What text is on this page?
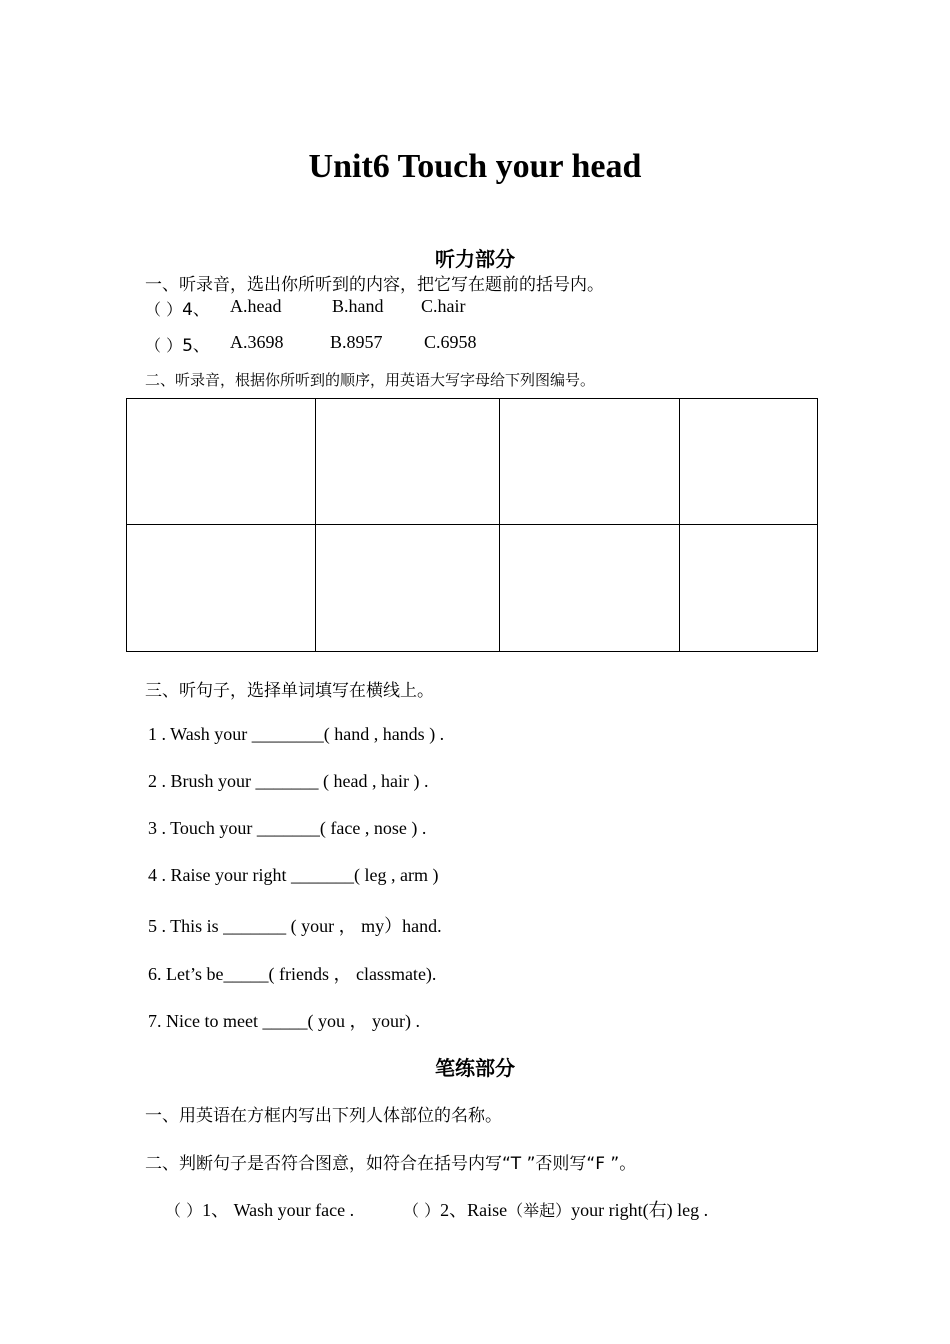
Unit6 Touch your head
听力部分
一、听录音，选出你所听到的内容，把它写在题前的括号内。
（ ）4、 A.head	B.hand C.hair
（ ）5、 A.3698	B.8957 C.6958
二、听录音，根据你所听到的顺序，用英语大写字母给下列图编号。

三、听句子，选择单词填写在横线上。
1 . Wash your ________( hand , hands ) .
2 . Brush your _______ ( head , hair ) .
3 . Touch your _______( face , nose ) .
4 . Raise your right _______( leg , arm )
5 . This is _______ ( your ， my）hand.
6. Let’s be_____( friends ， classmate).
7. Nice to meet _____( you ， your) .
笔练部分
一、用英语在方框内写出下列人体部位的名称。
二、判断句子是否符合图意，如符合在括号内写“T ”否则写“F ”。
（ ）1、 Wash your face .	（ ）2、Raise（举起）your right(右) leg .
